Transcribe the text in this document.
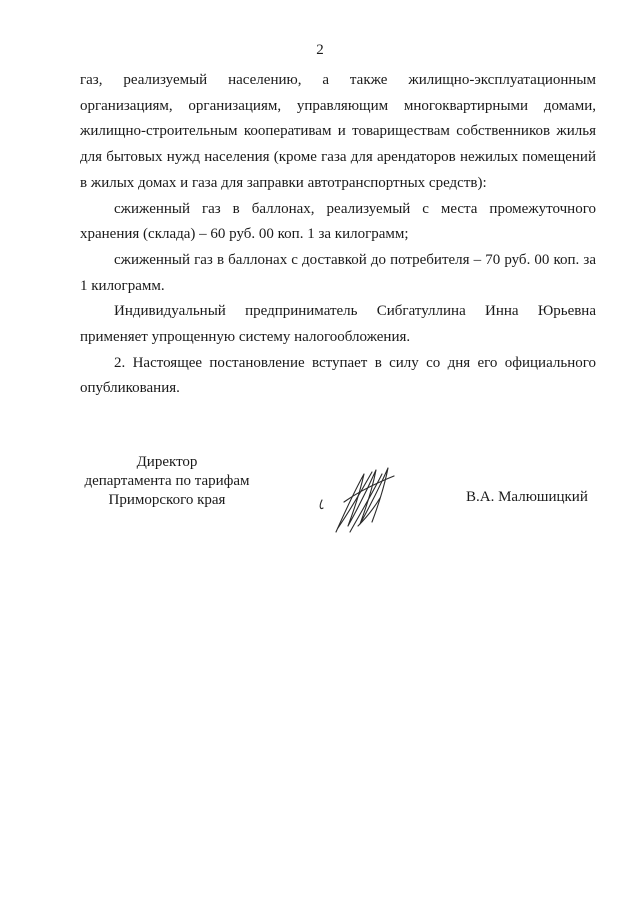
2

газ, реализуемый населению, а также жилищно-эксплуатационным организациям, организациям, управляющим многоквартирными домами, жилищно-строительным кооперативам и товариществам собственников жилья для бытовых нужд населения (кроме газа для арендаторов нежилых помещений в жилых домах и газа для заправки автотранспортных средств):

сжиженный газ в баллонах, реализуемый с места промежуточного хранения (склада) – 60 руб. 00 коп. 1 за килограмм;

сжиженный газ в баллонах с доставкой до потребителя – 70 руб. 00 коп. за 1 килограмм.

Индивидуальный предприниматель Сибгатуллина Инна Юрьевна применяет упрощенную систему налогообложения.

2. Настоящее постановление вступает в силу со дня его официального опубликования.

Директор
департамента по тарифам
Приморского края	В.А. Малюшицкий
